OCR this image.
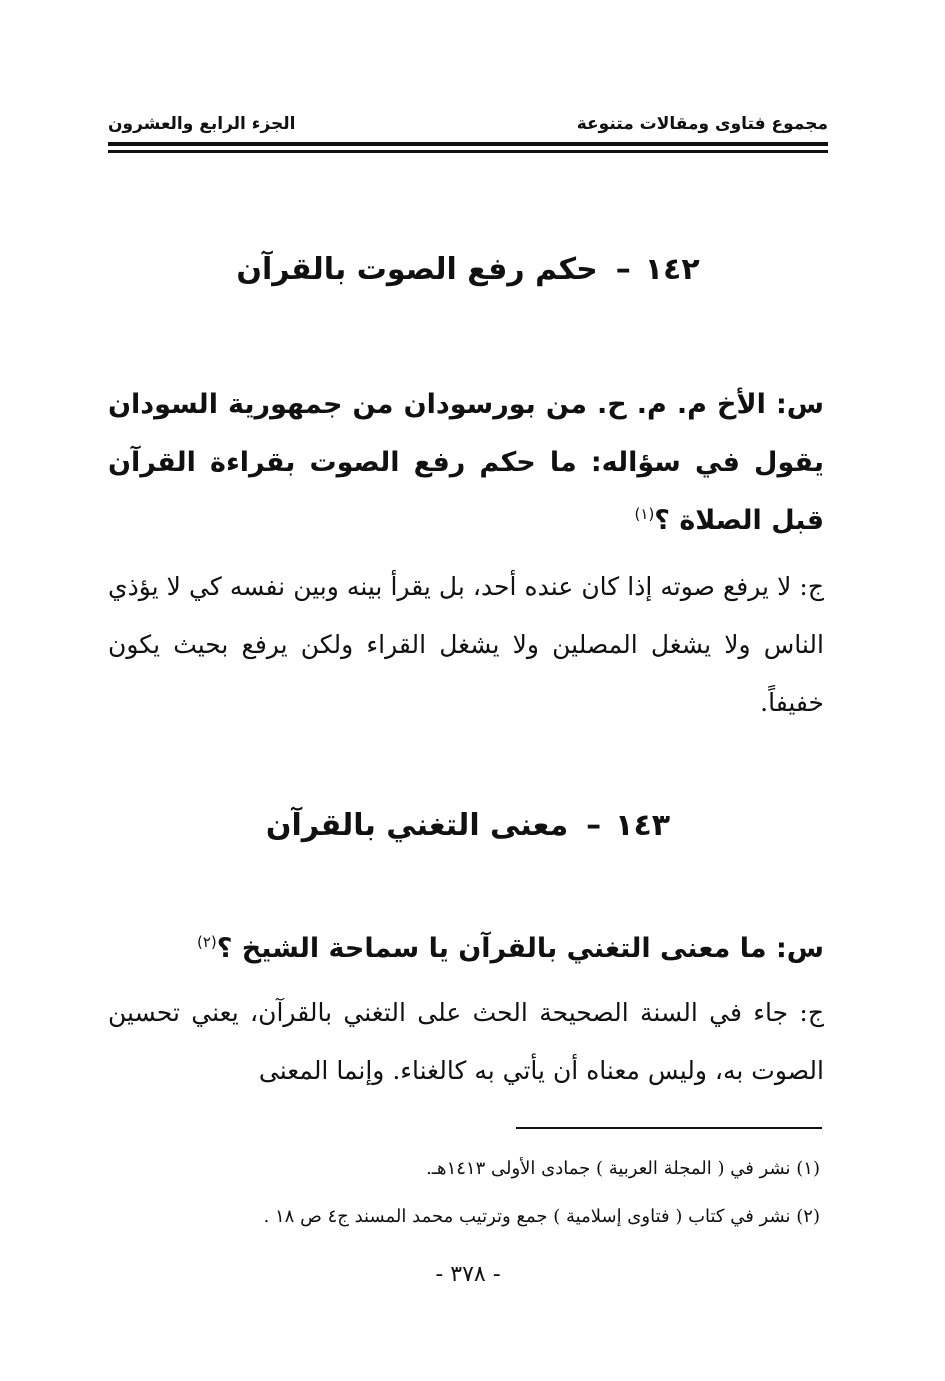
مجموع فتاوى ومقالات متنوعة
الجزء الرابع والعشرون
١٤٢–حكم رفع الصوت بالقرآن
س: الأخ م. م. ح. من بورسودان من جمهورية السودان يقول في سؤاله: ما حكم رفع الصوت بقراءة القرآن قبل الصلاة ؟$^{(١)}$
ج: لا يرفع صوته إذا كان عنده أحد، بل يقرأ بينه وبين نفسه كي لا يؤذي الناس ولا يشغل المصلين ولا يشغل القراء ولكن يرفع بحيث يكون خفيفاً.
١٤٣–معنى التغني بالقرآن
س: ما معنى التغني بالقرآن يا سماحة الشيخ ؟$^{(٢)}$
ج: جاء في السنة الصحيحة الحث على التغني بالقرآن، يعني تحسين الصوت به، وليس معناه أن يأتي به كالغناء. وإنما المعنى
(١) نشر في ( المجلة العربية ) جمادى الأولى ١٤١٣هـ.
(٢) نشر في كتاب ( فتاوى إسلامية ) جمع وترتيب محمد المسند ج٤ ص ١٨ .
- ٣٧٨ -
